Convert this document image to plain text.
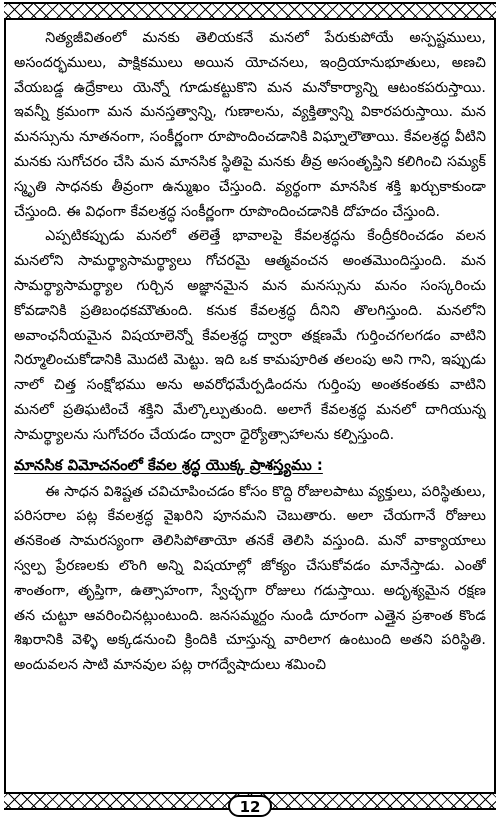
నిత్యజీవితంలో మనకు తెలియకనే మనలో పేరుకుపోయే అస్పష్టములు, అసందర్భములు, పాక్షికములు అయిన యోచనలు, ఇంద్రియానుభూతులు, అణచి వేయబడ్డ ఉద్రేకాలు యెన్నో గూడుకట్టుకొని మన మనోకార్యాన్ని ఆటంకపరుస్తాయి. ఇవన్నీ క్రమంగా మన మనస్తత్వాన్ని, గుణాలను, వ్యక్తిత్వాన్ని వికారపరుస్తాయి. మన మనస్సును నూతనంగా, సంకీర్ణంగా రూపొందించడానికి విఘ్నాలౌతాయి. కేవలశ్రద్ధ వీటిని మనకు సుగోచరం చేసి మన మానసిక స్థితిపై మనకు తీవ్ర అసంతృప్తిని కలిగించి సమ్యక్ స్మృతి సాధనకు తీవ్రంగా ఉన్ముఖం చేస్తుంది. వ్యర్థంగా మానసిక శక్తి ఖర్చుకాకుండా చేస్తుంది. ఈ విధంగా కేవలశ్రద్ధ సంకీర్ణంగా రూపొందించడానికి దోహదం చేస్తుంది.

ఎప్పటికప్పుడు మనలో తలెత్తే భావాలపై కేవలశ్రద్ధను కేంద్రీకరించడం వలన మనలోని సామర్థ్యాసామర్థ్యాలు గోచరమై ఆత్మవంచన అంతమొందిస్తుంది. మన సామర్థ్యాసామర్థ్యాల గుర్చిన అజ్ఞానమైన మన మనస్సును మనం సంస్కరించు కోవడానికి ప్రతిబంధకమౌతుంది. కనుక కేవలశ్రద్ధ దీనిని తొలగిస్తుంది. మనలోని అవాంఛనీయమైన విషయాలెన్నో కేవలశ్రద్ధ ద్వారా తక్షణమే గుర్తించగలగడం వాటిని నిర్మూలించుకోడానికి మొదటి మెట్టు. ఇది ఒక కామపూరిత తలంపు అని గాని, ఇప్పుడు నాలో చిత్త సంక్షోభము అను అవరోధమేర్పడిందను గుర్తింపు అంతకంతకు వాటిని మనలో ప్రతిఘటించే శక్తిని మేల్కొల్పుతుంది. అలాగే కేవలశ్రద్ధ మనలో దాగియున్న సామర్థ్యాలను సుగోచరం చేయడం ద్వారా ధైర్యోత్సాహాలను కల్పిస్తుంది.

మానసిక విమోచనంలో కేవల శ్రద్ధ యొక్క ప్రాశస్త్యము :

ఈ సాధన విశిష్టత చవిచూపించడం కోసం కొద్ది రోజులపాటు వ్యక్తులు, పరిస్థితులు, పరిసరాల పట్ల కేవలశ్రద్ధ వైఖరిని పూనమని చెబుతారు. అలా చేయగానే రోజులు తనకెంత సామరస్యంగా తెలిసిపోతాయో తనకే తెలిసి వస్తుంది. మనో వాక్యాయాలు స్వల్ప ప్రేరణలకు లొంగి అన్ని విషయాల్లో జోక్యం చేసుకోవడం మానేస్తాడు. ఎంతో శాంతంగా, తృప్తిగా, ఉత్సాహంగా, స్వేచ్ఛగా రోజులు గడుస్తాయి. అదృశ్యమైన రక్షణ తన చుట్టూ ఆవరించినట్లుంటుంది. జనసమ్మర్దం నుండి దూరంగా ఎత్తైన ప్రశాంత కొండ శిఖరానికి వెళ్ళి అక్కడనుంచి క్రిందికి చూస్తున్న వారిలాగ ఉంటుంది అతని పరిస్థితి. అందువలన సాటి మానవుల పట్ల రాగద్వేషాదులు శమించి

12
